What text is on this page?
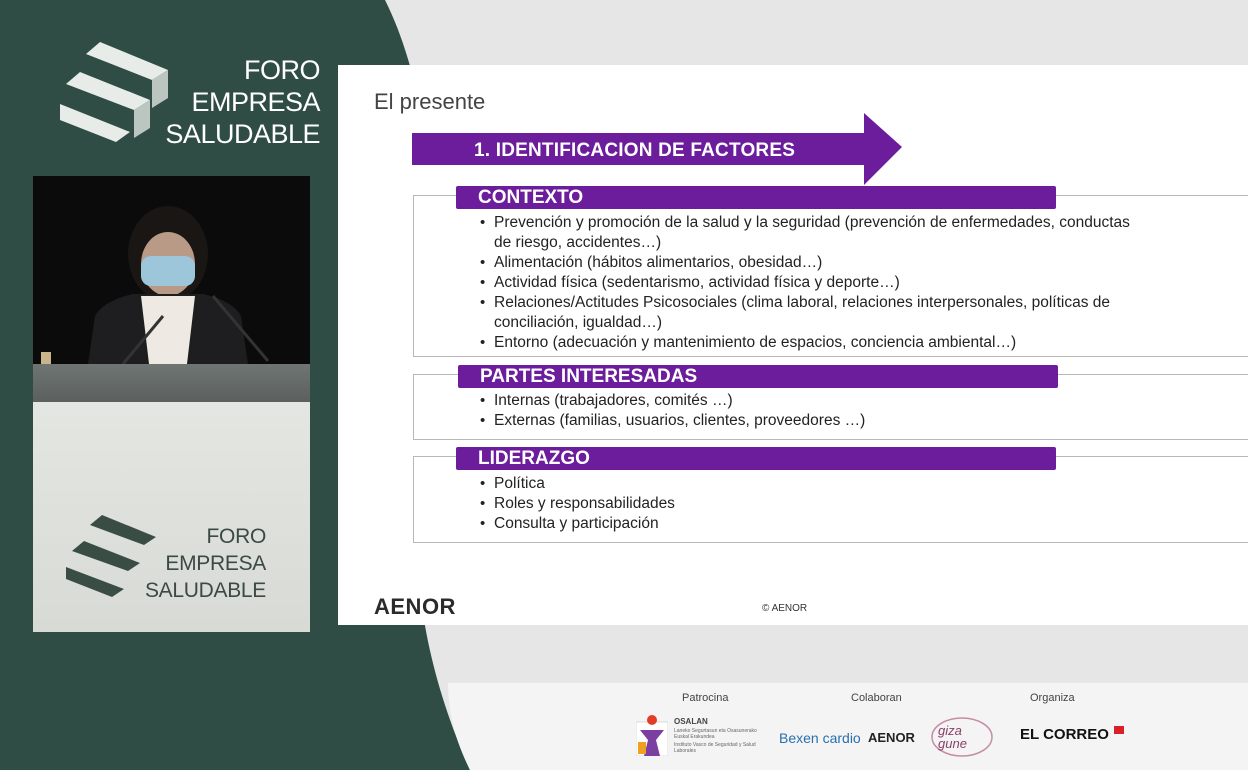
FORO
EMPRESA
SALUDABLE
FORO
EMPRESA
SALUDABLE
El presente
1. IDENTIFICACION DE FACTORES
CONTEXTO
• Prevención y promoción de la salud y la seguridad (prevención de enfermedades, conductas
de riesgo, accidentes…)
• Alimentación (hábitos alimentarios, obesidad…)
• Actividad física (sedentarismo, actividad física y deporte…)
• Relaciones/Actitudes Psicosociales (clima laboral, relaciones interpersonales, políticas de
conciliación, igualdad…)
• Entorno (adecuación y mantenimiento de espacios, conciencia ambiental…)
PARTES INTERESADAS
• Internas (trabajadores, comités …)
• Externas (familias, usuarios, clientes, proveedores …)
LIDERAZGO
• Política
• Roles y responsabilidades
• Consulta y participación
AENOR	© AENOR
Patrocina	Colaboran	Organiza
OSALAN
Laneko Segurtasun eta Osasunerako Euskal Erakundea
Instituto Vasco de Seguridad y Salud Laborales
Bexen cardio AENOR giza gune
EL CORREO
